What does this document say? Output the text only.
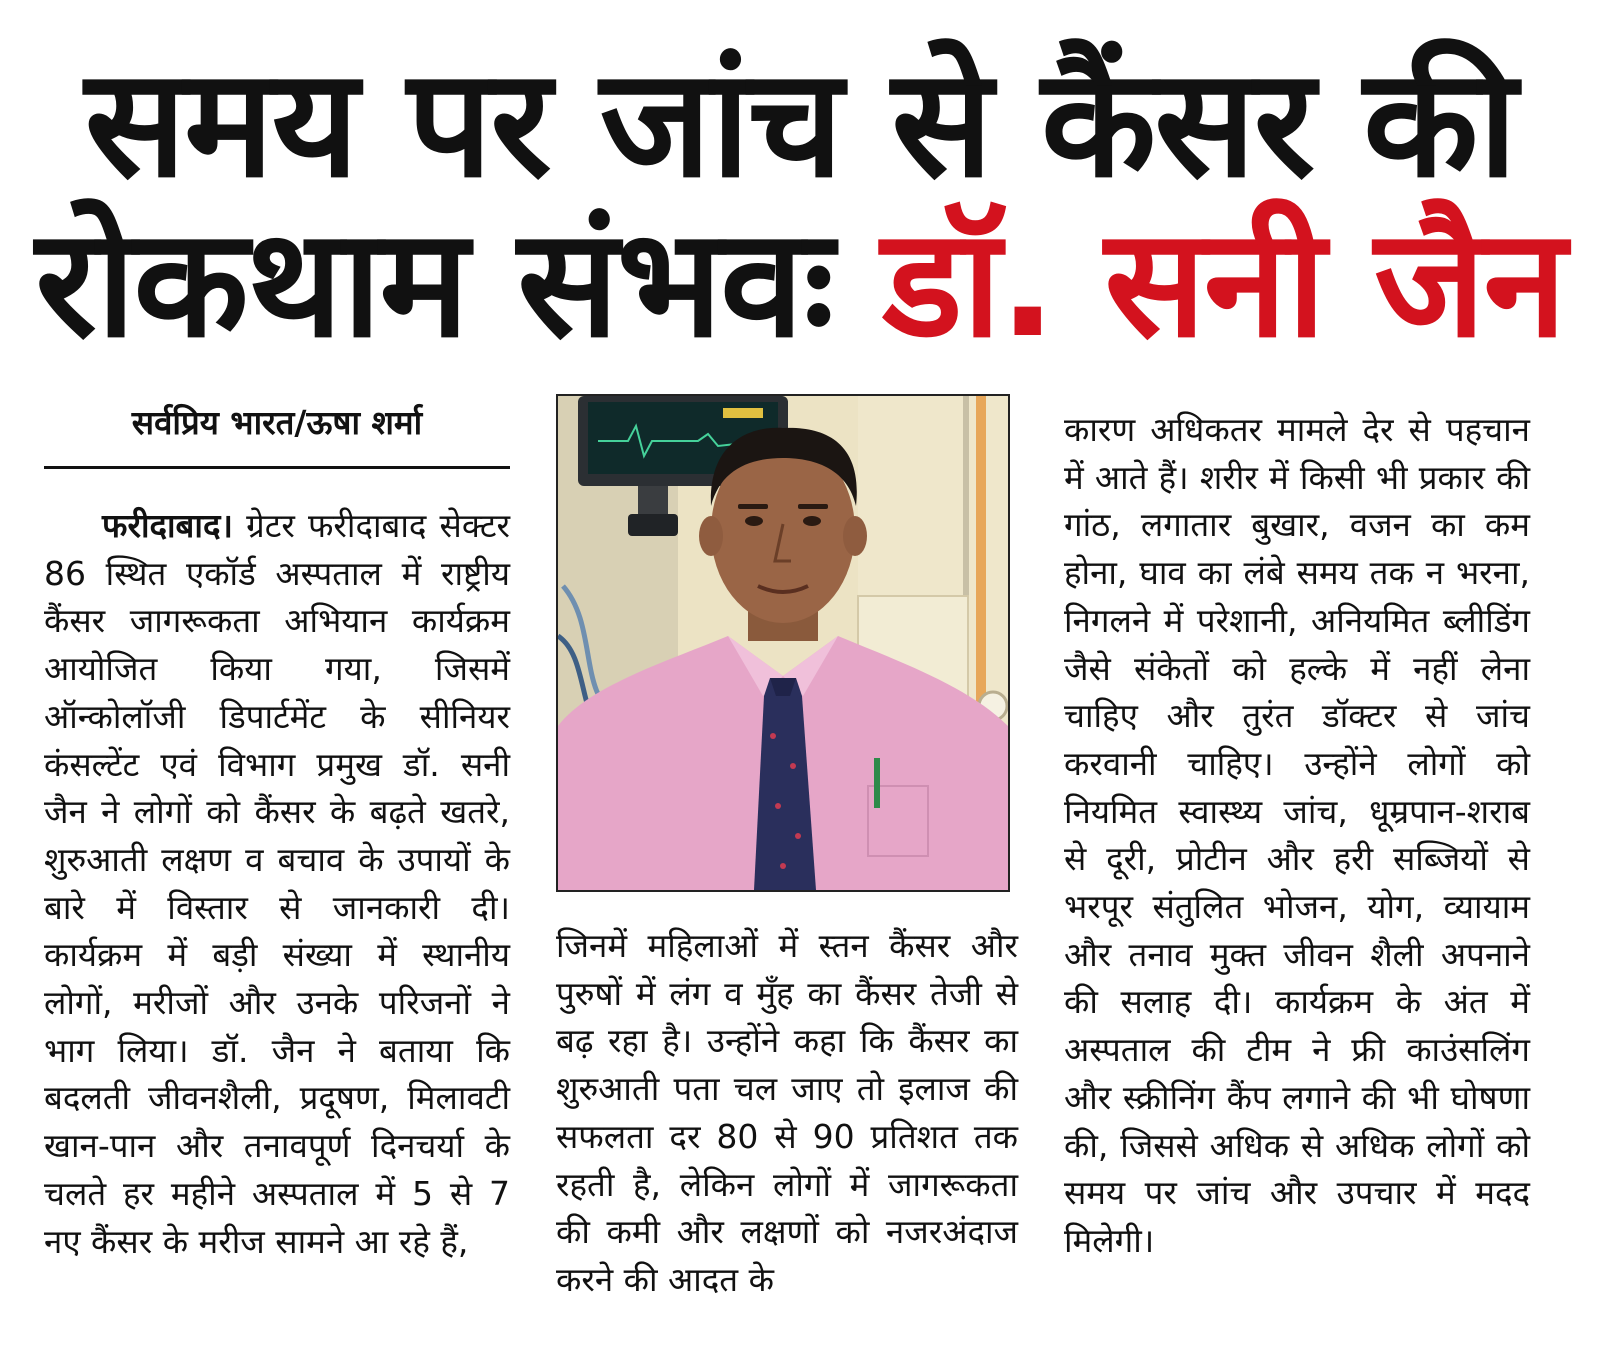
समय पर जांच से कैंसर की
रोकथाम संभवः डॉ. सनी जैन
सर्वप्रिय भारत/ऊषा शर्मा

फरीदाबाद। ग्रेटर फरीदाबाद सेक्टर 86 स्थित एकॉर्ड अस्पताल में राष्ट्रीय कैंसर जागरूकता अभियान कार्यक्रम आयोजित किया गया, जिसमें ऑन्कोलॉजी डिपार्टमेंट के सीनियर कंसल्टेंट एवं विभाग प्रमुख डॉ. सनी जैन ने लोगों को कैंसर के बढ़ते खतरे, शुरुआती लक्षण व बचाव के उपायों के बारे में विस्तार से जानकारी दी। कार्यक्रम में बड़ी संख्या में स्थानीय लोगों, मरीजों और उनके परिजनों ने भाग लिया। डॉ. जैन ने बताया कि बदलती जीवनशैली, प्रदूषण, मिलावटी खान-पान और तनावपूर्ण दिनचर्या के चलते हर महीने अस्पताल में 5 से 7 नए कैंसर के मरीज सामने आ रहे हैं,

जिनमें महिलाओं में स्तन कैंसर और पुरुषों में लंग व मुँह का कैंसर तेजी से बढ़ रहा है। उन्होंने कहा कि कैंसर का शुरुआती पता चल जाए तो इलाज की सफलता दर 80 से 90 प्रतिशत तक रहती है, लेकिन लोगों में जागरूकता की कमी और लक्षणों को नजरअंदाज करने की आदत के

कारण अधिकतर मामले देर से पहचान में आते हैं। शरीर में किसी भी प्रकार की गांठ, लगातार बुखार, वजन का कम होना, घाव का लंबे समय तक न भरना, निगलने में परेशानी, अनियमित ब्लीडिंग जैसे संकेतों को हल्के में नहीं लेना चाहिए और तुरंत डॉक्टर से जांच करवानी चाहिए। उन्होंने लोगों को नियमित स्वास्थ्य जांच, धूम्रपान-शराब से दूरी, प्रोटीन और हरी सब्जियों से भरपूर संतुलित भोजन, योग, व्यायाम और तनाव मुक्त जीवन शैली अपनाने की सलाह दी। कार्यक्रम के अंत में अस्पताल की टीम ने फ्री काउंसलिंग और स्क्रीनिंग कैंप लगाने की भी घोषणा की, जिससे अधिक से अधिक लोगों को समय पर जांच और उपचार में मदद मिलेगी।
